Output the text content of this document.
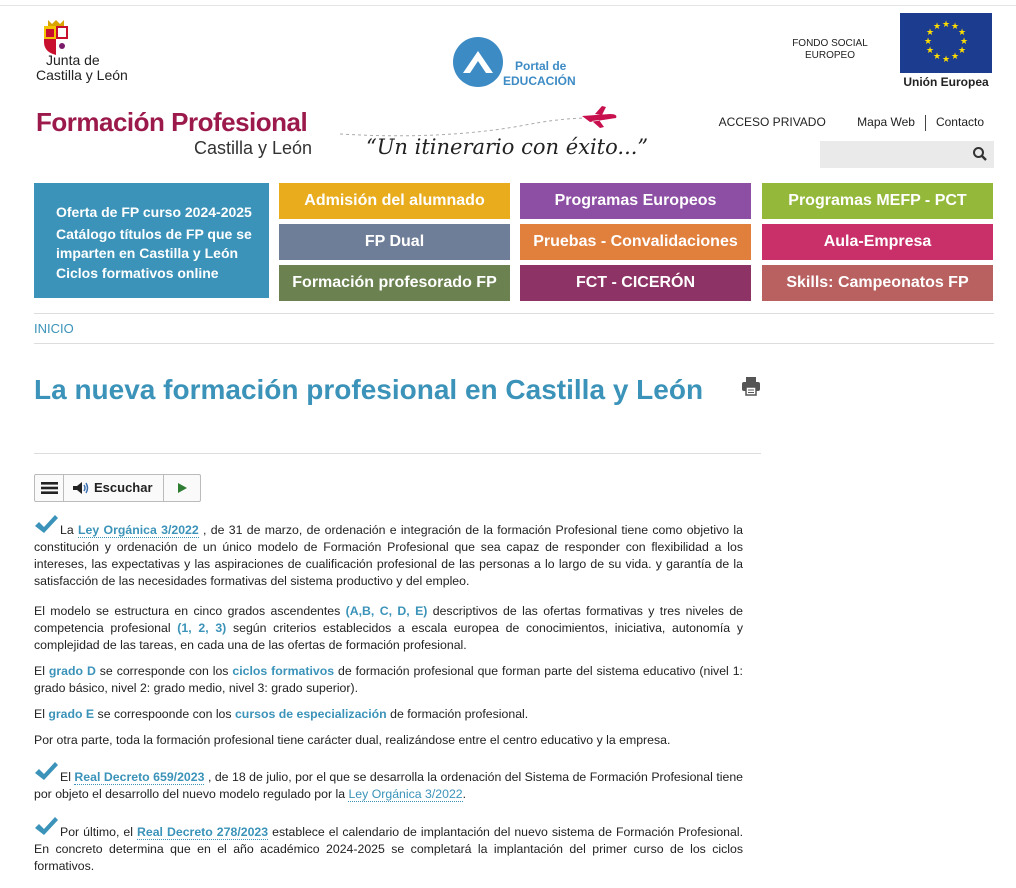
Junta de
Castilla y León
Portal de
EDUCACIÓN
FONDO SOCIAL
EUROPEO
★ ★
★
★
★
★
★
★
★
★
★
★
Unión Europea
Formación Profesional
Castilla y León	“Un itinerario con éxito...”
ACCESO PRIVADO	Mapa Web Contacto
Oferta de FP curso 2024-2025
Catálogo títulos de FP que se imparten en Castilla y León
Ciclos formativos online
Admisión del alumnado	Programas Europeos	Programas MEFP - PCT
FP Dual	Pruebas - Convalidaciones	Aula-Empresa
Formación profesorado FP	FCT - CICERÓN	Skills: Campeonatos FP
INICIO
La nueva formación profesional en Castilla y León
Escuchar
La Ley Orgánica 3/2022 , de 31 de marzo, de ordenación e integración de la formación Profesional tiene como objetivo la constitución y ordenación de un único modelo de Formación Profesional que sea capaz de responder con flexibilidad a los intereses, las expectativas y las aspiraciones de cualificación profesional de las personas a lo largo de su vida. y garantía de la satisfacción de las necesidades formativas del sistema productivo y del empleo.
El modelo se estructura en cinco grados ascendentes (A,B, C, D, E) descriptivos de las ofertas formativas y tres niveles de competencia profesional (1, 2, 3) según criterios establecidos a escala europea de conocimientos, iniciativa, autonomía y complejidad de las tareas, en cada una de las ofertas de formación profesional.
El grado D se corresponde con los ciclos formativos de formación profesional que forman parte del sistema educativo (nivel 1: grado básico, nivel 2: grado medio, nivel 3: grado superior).
El grado E se correspoonde con los cursos de especialización de formación profesional.
Por otra parte, toda la formación profesional tiene carácter dual, realizándose entre el centro educativo y la empresa.
El Real Decreto 659/2023 , de 18 de julio, por el que se desarrolla la ordenación del Sistema de Formación Profesional tiene por objeto el desarrollo del nuevo modelo regulado por la Ley Orgánica 3/2022.
Por último, el Real Decreto 278/2023 establece el calendario de implantación del nuevo sistema de Formación Profesional. En concreto determina que en el año académico 2024-2025 se completará la implantación del primer curso de los ciclos formativos.
